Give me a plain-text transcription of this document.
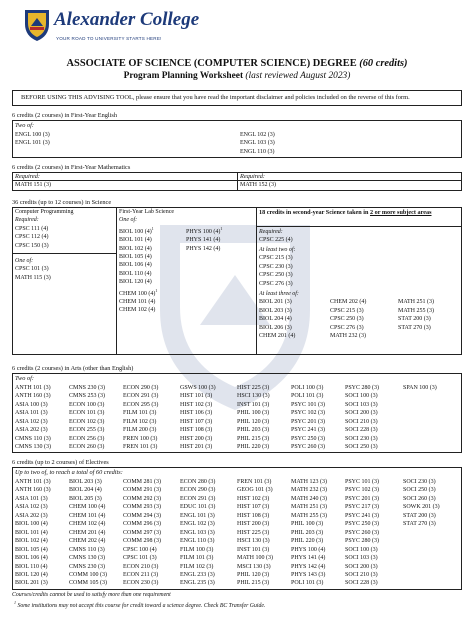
Alexander College
YOUR ROAD TO UNIVERSITY STARTS HERE!
ASSOCIATE OF SCIENCE (COMPUTER SCIENCE) DEGREE (60 credits)
Program Planning Worksheet (last reviewed August 2023)
BEFORE USING THIS ADVISING TOOL, please ensure that you have read the important disclaimer and policies included on the reverse of this form.
6 credits (2 courses) in First-Year English
Two of:
ENGL 100 (3)
ENGL 101 (3)
ENGL 102 (3)
ENGL 103 (3)
ENGL 110 (3)
6 credits (2 courses) in First-Year Mathematics
Required:
MATH 151 (3)
Required:
MATH 152 (3)
36 credits (up to 12 courses) in Science
Computer Programming
Required:
CPSC 111 (4)
CPSC 112 (4)
CPSC 150 (3)
One of:
CPSC 101 (3)
MATH 115 (3)
First-Year Lab Science
One of:
BIOL 100 $(4)^1$
BIOL 101 (4)
BIOL 102 (4)
BIOL 105 (4)
BIOL 106 (4)
BIOL 110 (4)
BIOL 120 (4)
CHEM 100 $(4)^1$
CHEM 101 (4)
CHEM 102 (4)
PHYS 100 $(4)^1$
PHYS 141 (4)
PHYS 142 (4)
18 credits in second-year Science taken in 2 or more subject areas
Required:
CPSC 225 (4)
At least two of:
CPSC 215 (3)
CPSC 230 (3)
CPSC 250 (3)
CPSC 276 (3)
At least three of:
BIOL 201 (3)
BIOL 203 (3)
BIOL 204 (4)
BIOL 206 (3)
CHEM 201 (4)
CHEM 202 (4)
CPSC 215 (3)
CPSC 250 (3)
CPSC 276 (3)
MATH 232 (3)
MATH 251 (3)
MATH 255 (3)
STAT 200 (3)
STAT 270 (3)
6 credits (2 courses) in Arts (other than English)
Two of:
ANTH 101 (3)	CMNS 230 (3)	ECON 290 (3)	GSWS 100 (3)	HIST 225 (3)	POLI 100 (3)	PSYC 280 (3)	SPAN 100 (3)
ANTH 160 (3)	CMNS 253 (3)	ECON 291 (3)	HIST 101 (3)	HSCI 130 (3)	POLI 101 (3)	SOCI 100 (3)
ASIA 100 (3)	ECON 100 (3)	ECON 295 (3)	HIST 102 (3)	INST 101 (3)	PSYC 101 (3)	SOCI 103 (3)
ASIA 101 (3)	ECON 101 (3)	FILM 101 (3)	HIST 106 (3)	PHIL 100 (3)	PSYC 102 (3)	SOCI 200 (3)
ASIA 102 (3)	ECON 102 (3)	FILM 102 (3)	HIST 107 (3)	PHIL 120 (3)	PSYC 201 (3)	SOCI 210 (3)
ASIA 202 (3)	ECON 255 (3)	FILM 200 (3)	HIST 108 (3)	PHIL 203 (3)	PSYC 241 (3)	SOCI 228 (3)
CMNS 110 (3)	ECON 256 (3)	FREN 100 (3)	HIST 200 (3)	PHIL 215 (3)	PSYC 250 (3)	SOCI 230 (3)
CMNS 130 (3)	ECON 260 (3)	FREN 101 (3)	HIST 201 (3)	PHIL 220 (3)	PSYC 260 (3)	SOCI 250 (3)
6 credits (up to 2 courses) of Electives
Up to two of, to reach a total of 60 credits:
ANTH 101 (3)	BIOL 203 (3)	COMM 281 (3)	ECON 280 (3)	FREN 101 (3)	MATH 123 (3)	PSYC 101 (3)	SOCI 230 (3)
ANTH 160 (3)	BIOL 204 (4)	COMM 291 (3)	ECON 290 (3)	GEOG 101 (3)	MATH 232 (3)	PSYC 102 (3)	SOCI 250 (3)
ASIA 101 (3)	BIOL 205 (3)	COMM 292 (3)	ECON 291 (3)	HIST 102 (3)	MATH 240 (3)	PSYC 201 (3)	SOCI 260 (3)
ASIA 102 (3)	CHEM 100 (4)	COMM 293 (3)	EDUC 101 (3)	HIST 107 (3)	MATH 251 (3)	PSYC 217 (3)	SOWK 201 (3)
ASIA 202 (3)	CHEM 101 (4)	COMM 294 (3)	ENGL 101 (3)	HIST 108 (3)	MATH 255 (3)	PSYC 241 (3)	STAT 200 (3)
BIOL 100 (4)	CHEM 102 (4)	COMM 296 (3)	ENGL 102 (3)	HIST 200 (3)	PHIL 100 (3)	PSYC 250 (3)	STAT 270 (3)
BIOL 101 (4)	CHEM 201 (4)	COMM 297 (3)	ENGL 103 (3)	HIST 225 (3)	PHIL 203 (3)	PSYC 260 (3)
BIOL 102 (4)	CHEM 202 (4)	COMM 298 (3)	ENGL 110 (3)	HSCI 130 (3)	PHIL 220 (3)	PSYC 280 (3)
BIOL 105 (4)	CMNS 110 (3)	CPSC 100 (4)	FILM 100 (3)	INST 101 (3)	PHYS 100 (4)	SOCI 100 (3)
BIOL 106 (4)	CMNS 130 (3)	CPSC 101 (3)	FILM 101 (3)	MATH 100 (3)	PHYS 141 (4)	SOCI 103 (3)
BIOL 110 (4)	CMNS 230 (3)	ECON 210 (3)	FILM 102 (3)	MSCI 130 (3)	PHYS 142 (4)	SOCI 200 (3)
BIOL 120 (4)	COMM 100 (3)	ECON 211 (3)	ENGL 233 (3)	PHIL 120 (3)	PHYS 143 (3)	SOCI 210 (3)
BIOL 201 (3)	COMM 105 (3)	ECON 230 (3)	ENGL 235 (3)	PHIL 215 (3)	POLI 101 (3)	SOCI 228 (3)
Courses/credits cannot be used to satisfy more than one requirement
$^1$ Some institutions may not accept this course for credit toward a science degree. Check BC Transfer Guide.
